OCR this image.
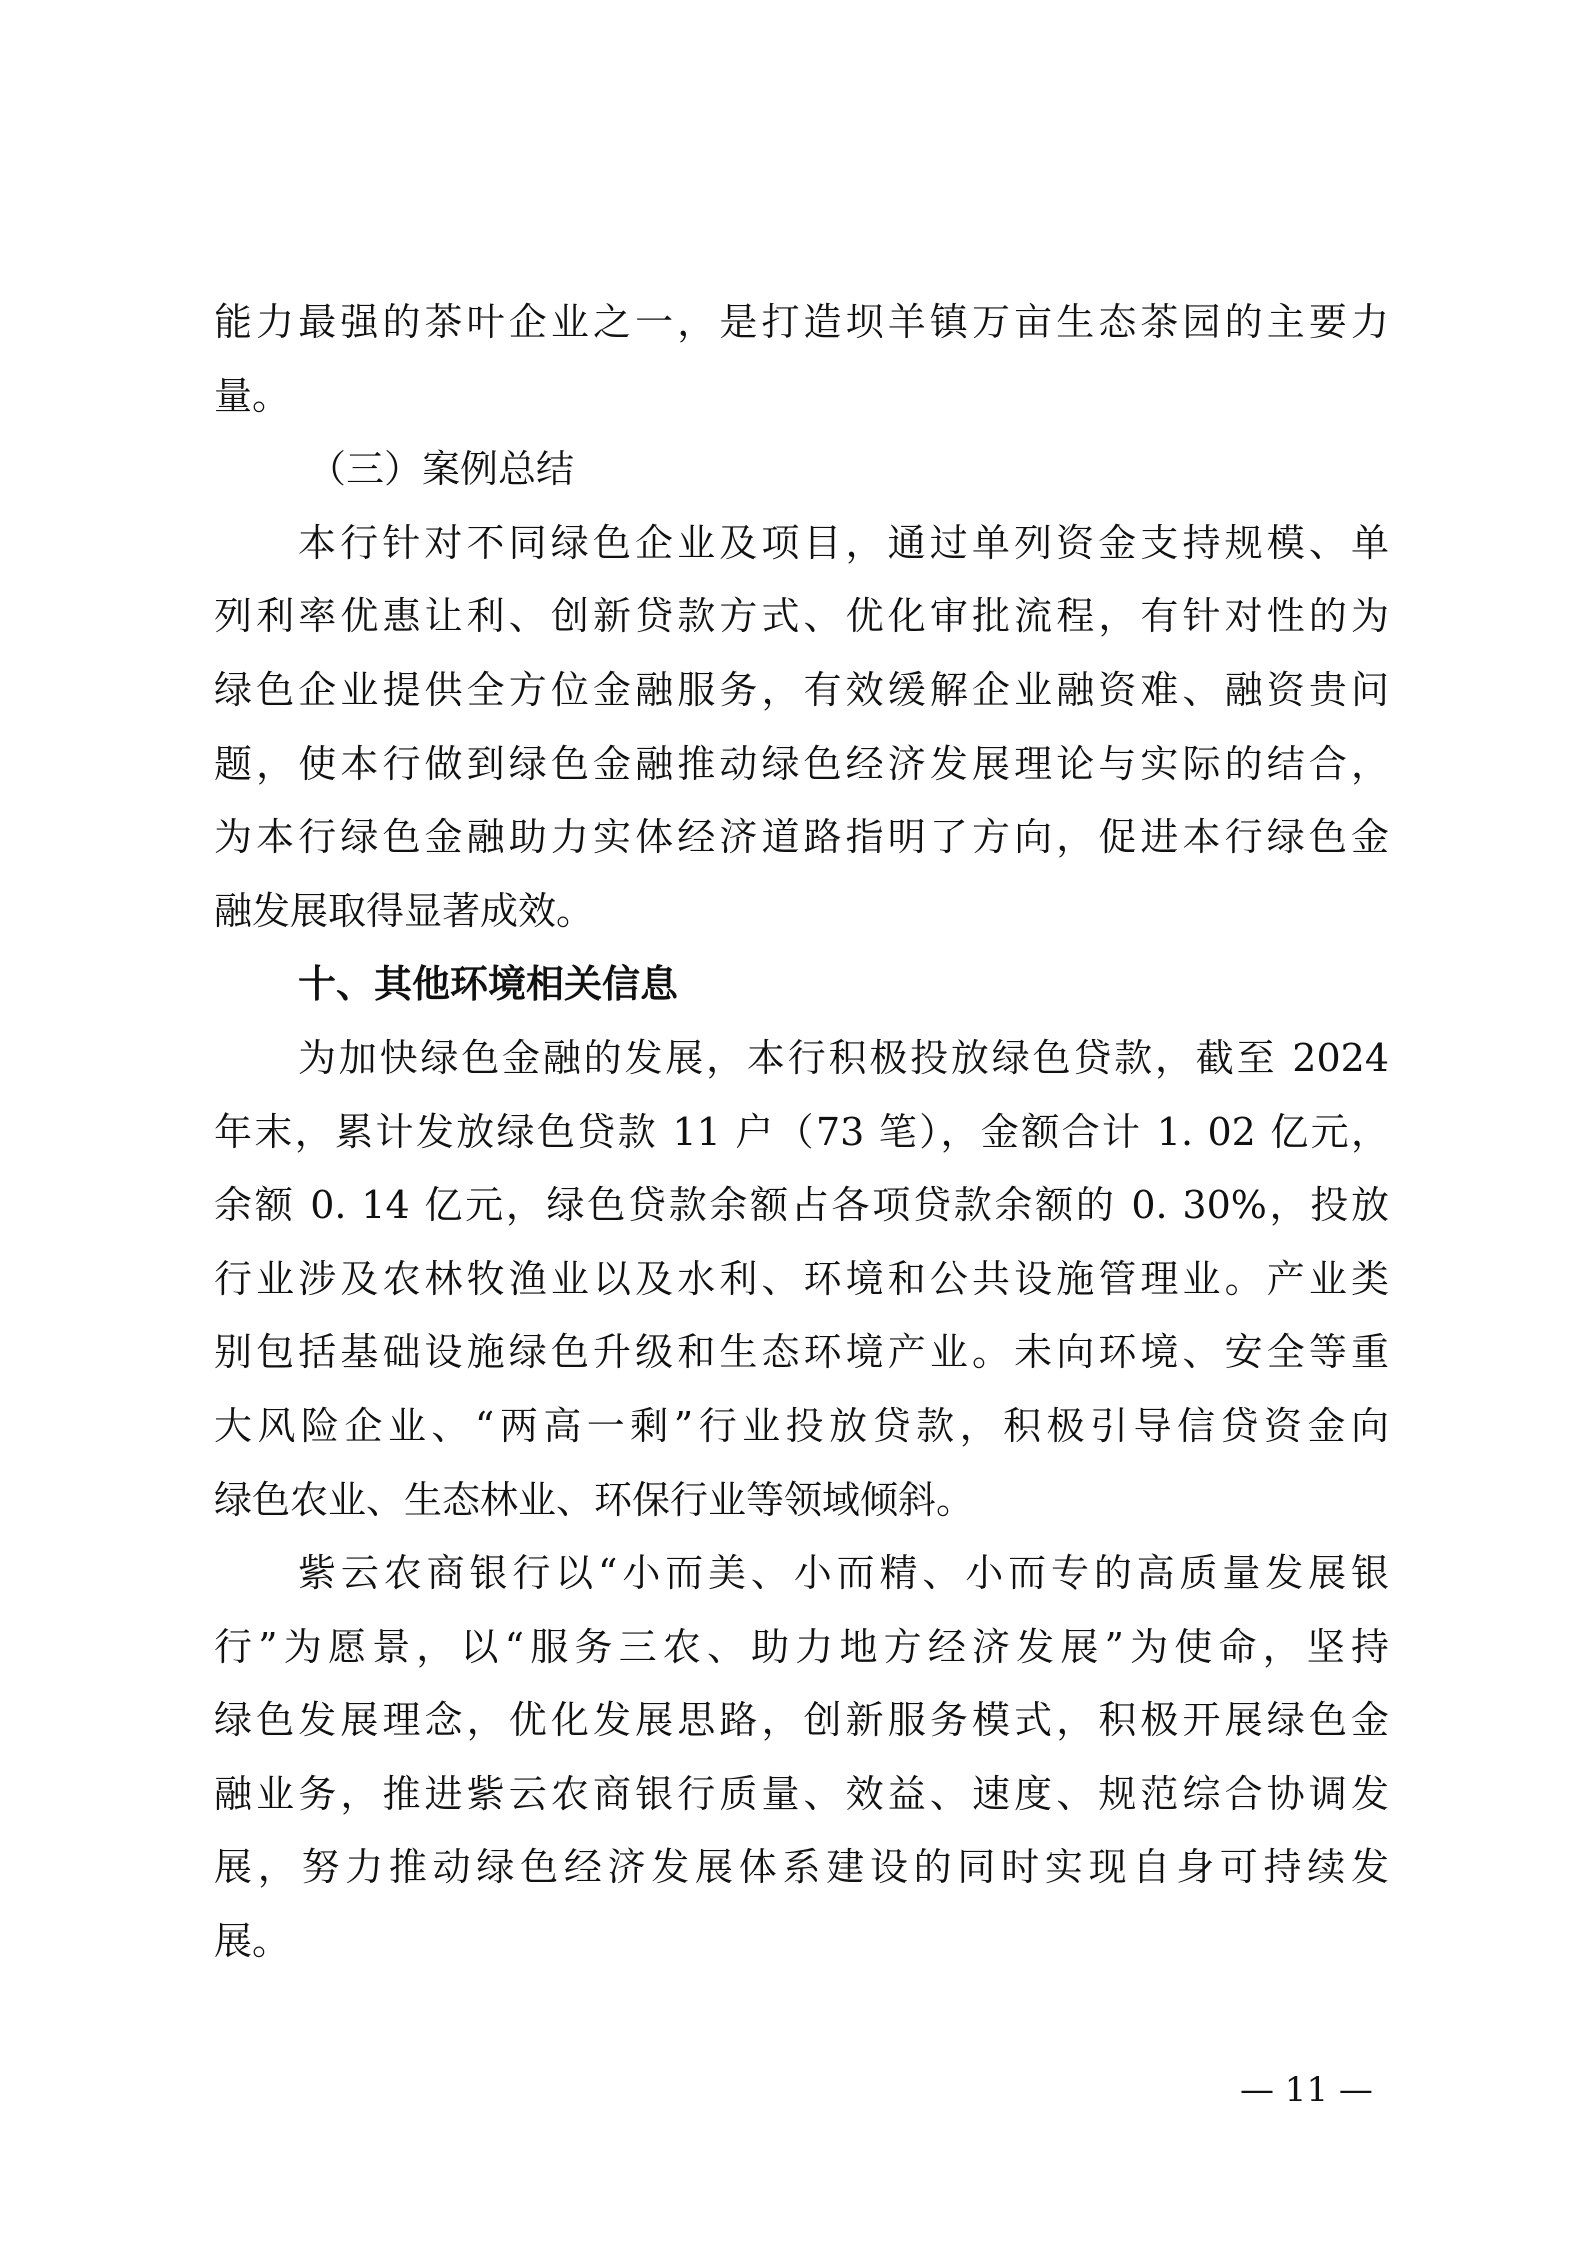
能力最强的茶叶企业之一，是打造坝羊镇万亩生态茶园的主要力
量。
（三）案例总结
本行针对不同绿色企业及项目，通过单列资金支持规模、单
列利率优惠让利、创新贷款方式、优化审批流程，有针对性的为
绿色企业提供全方位金融服务，有效缓解企业融资难、融资贵问
题，使本行做到绿色金融推动绿色经济发展理论与实际的结合，
为本行绿色金融助力实体经济道路指明了方向，促进本行绿色金
融发展取得显著成效。
十、其他环境相关信息
为加快绿色金融的发展，本行积极投放绿色贷款，截至 2024
年末，累计发放绿色贷款 11 户（73 笔），金额合计 1. 02 亿元，
余额 0. 14 亿元，绿色贷款余额占各项贷款余额的 0. 30%，投放
行业涉及农林牧渔业以及水利、环境和公共设施管理业。产业类
别包括基础设施绿色升级和生态环境产业。未向环境、安全等重
大风险企业、“两高一剩”行业投放贷款，积极引导信贷资金向
绿色农业、生态林业、环保行业等领域倾斜。
紫云农商银行以“小而美、小而精、小而专的高质量发展银
行”为愿景，以“服务三农、助力地方经济发展”为使命，坚持
绿色发展理念，优化发展思路，创新服务模式，积极开展绿色金
融业务，推进紫云农商银行质量、效益、速度、规范综合协调发
展，努力推动绿色经济发展体系建设的同时实现自身可持续发
展。
— 11 —
